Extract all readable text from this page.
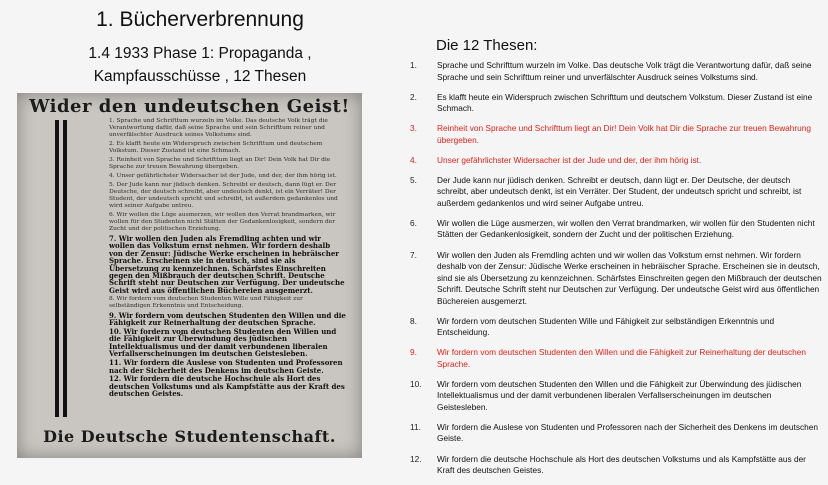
1. Bücherverbrennung
1.4 1933 Phase 1: Propaganda ,
Kampfausschüsse , 12 Thesen
Wider den undeutschen Geist!

1. Sprache und Schrifttum wurzeln im Volke. Das deutsche Volk trägt die Verantwortung dafür, daß seine Sprache und sein Schrifttum reiner und unverfälschter Ausdruck seines Volkstums sind.

2. Es klafft heute ein Widerspruch zwischen Schrifttum und deutschem Volkstum. Dieser Zustand ist eine Schmach.

3. Reinheit von Sprache und Schrifttum liegt an Dir! Dein Volk hat Dir die Sprache zur treuen Bewahrung übergeben.

4. Unser gefährlichster Widersacher ist der Jude, und der, der ihm hörig ist.

5. Der Jude kann nur jüdisch denken. Schreibt er deutsch, dann lügt er. Der Deutsche, der deutsch schreibt, aber undeutsch denkt, ist ein Verräter! Der Student, der undeutsch spricht und schreibt, ist außerdem gedankenlos und wird seiner Aufgabe untreu.

6. Wir wollen die Lüge ausmerzen, wir wollen den Verrat brandmarken, wir wollen für den Studenten nicht Stätten der Gedankenlosigkeit, sondern der Zucht und der politischen Erziehung.

7. Wir wollen den Juden als Fremdling achten und wir wollen das Volkstum ernst nehmen. Wir fordern deshalb von der Zensur: Jüdische Werke erscheinen in hebräischer Sprache. Erscheinen sie in deutsch, sind sie als Übersetzung zu kennzeichnen. Schärfstes Einschreiten gegen den Mißbrauch der deutschen Schrift. Deutsche Schrift steht nur Deutschen zur Verfügung. Der undeutsche Geist wird aus öffentlichen Büchereien ausgemerzt.

8. Wir fordern vom deutschen Studenten Wille und Fähigkeit zur selbständigen Erkenntnis und Entscheidung.

9. Wir fordern vom deutschen Studenten den Willen und die Fähigkeit zur Reinerhaltung der deutschen Sprache.

10. Wir fordern vom deutschen Studenten den Willen und die Fähigkeit zur Überwindung des jüdischen Intellektualismus und der damit verbundenen liberalen Verfallserscheinungen im deutschen Geistesleben.

11. Wir fordern die Auslese von Studenten und Professoren nach der Sicherheit des Denkens im deutschen Geiste.

12. Wir fordern die deutsche Hochschule als Hort des deutschen Volkstums und als Kampfstätte aus der Kraft des deutschen Geistes.

Die Deutsche Studentenschaft.
Die 12 Thesen:
1.	Sprache und Schrifttum wurzeln im Volke. Das deutsche Volk trägt die Verantwortung dafür, daß seine Sprache und sein Schrifttum reiner und unverfälschter Ausdruck seines Volkstums sind.
2.	Es klafft heute ein Widerspruch zwischen Schrifttum und deutschem Volkstum. Dieser Zustand ist eine Schmach.
3.	Reinheit von Sprache und Schrifttum liegt an Dir! Dein Volk hat Dir die Sprache zur treuen Bewahrung übergeben.
4.	Unser gefährlichster Widersacher ist der Jude und der, der ihm hörig ist.
5.	Der Jude kann nur jüdisch denken. Schreibt er deutsch, dann lügt er. Der Deutsche, der deutsch schreibt, aber undeutsch denkt, ist ein Verräter. Der Student, der undeutsch spricht und schreibt, ist außerdem gedankenlos und wird seiner Aufgabe untreu.
6.	Wir wollen die Lüge ausmerzen, wir wollen den Verrat brandmarken, wir wollen für den Studenten nicht Stätten der Gedankenlosigkeit, sondern der Zucht und der politischen Erziehung.
7.	Wir wollen den Juden als Fremdling achten und wir wollen das Volkstum ernst nehmen. Wir fordern deshalb von der Zensur: Jüdische Werke erscheinen in hebräischer Sprache. Erscheinen sie in deutsch, sind sie als Übersetzung zu kennzeichnen. Schärfstes Einschreiten gegen den Mißbrauch der deutschen Schrift. Deutsche Schrift steht nur Deutschen zur Verfügung. Der undeutsche Geist wird aus öffentlichen Büchereien ausgemerzt.
8.	Wir fordern vom deutschen Studenten Wille und Fähigkeit zur selbständigen Erkenntnis und Entscheidung.
9.	Wir fordern vom deutschen Studenten den Willen und die Fähigkeit zur Reinerhaltung der deutschen Sprache.
10.	Wir fordern vom deutschen Studenten den Willen und die Fähigkeit zur Überwindung des jüdischen Intellektualismus und der damit verbundenen liberalen Verfallserscheinungen im deutschen Geistesleben.
11.	Wir fordern die Auslese von Studenten und Professoren nach der Sicherheit des Denkens im deutschen Geiste.
12.	Wir fordern die deutsche Hochschule als Hort des deutschen Volkstums und als Kampfstätte aus der Kraft des deutschen Geistes.
